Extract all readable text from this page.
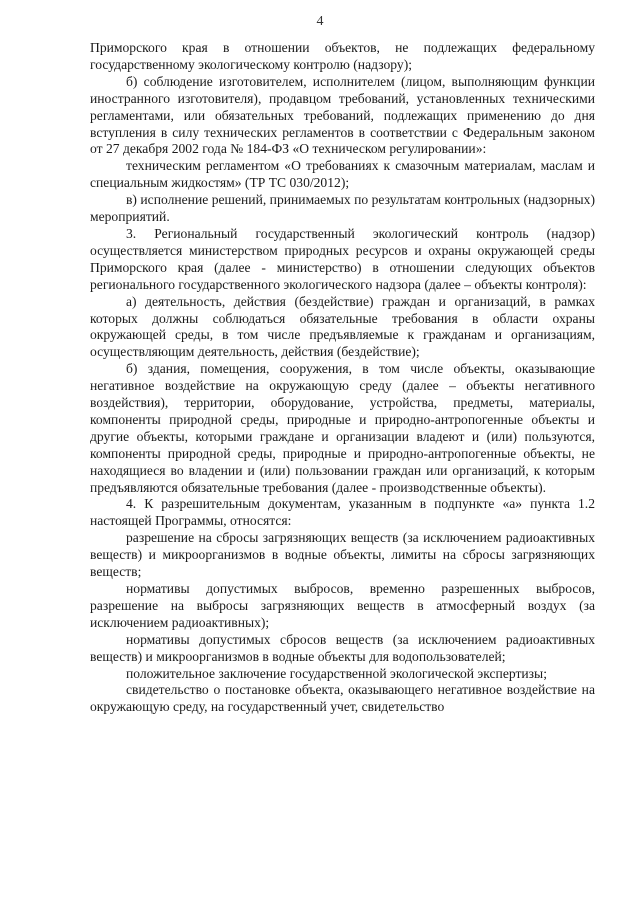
4

Приморского края в отношении объектов, не подлежащих федеральному государственному экологическому контролю (надзору);

б) соблюдение изготовителем, исполнителем (лицом, выполняющим функции иностранного изготовителя), продавцом требований, установленных техническими регламентами, или обязательных требований, подлежащих применению до дня вступления в силу технических регламентов в соответствии с Федеральным законом от 27 декабря 2002 года № 184-ФЗ «О техническом регулировании»:

техническим регламентом «О требованиях к смазочным материалам, маслам и специальным жидкостям» (ТР ТС 030/2012);

в) исполнение решений, принимаемых по результатам контрольных (надзорных) мероприятий.

3. Региональный государственный экологический контроль (надзор) осуществляется министерством природных ресурсов и охраны окружающей среды Приморского края (далее - министерство) в отношении следующих объектов регионального государственного экологического надзора (далее – объекты контроля):

а) деятельность, действия (бездействие) граждан и организаций, в рамках которых должны соблюдаться обязательные требования в области охраны окружающей среды, в том числе предъявляемые к гражданам и организациям, осуществляющим деятельность, действия (бездействие);

б) здания, помещения, сооружения, в том числе объекты, оказывающие негативное воздействие на окружающую среду (далее – объекты негативного воздействия), территории, оборудование, устройства, предметы, материалы, компоненты природной среды, природные и природно-антропогенные объекты и другие объекты, которыми граждане и организации владеют и (или) пользуются, компоненты природной среды, природные и природно-антропогенные объекты, не находящиеся во владении и (или) пользовании граждан или организаций, к которым предъявляются обязательные требования (далее - производственные объекты).

4. К разрешительным документам, указанным в подпункте «а» пункта 1.2 настоящей Программы, относятся:

разрешение на сбросы загрязняющих веществ (за исключением радиоактивных веществ) и микроорганизмов в водные объекты, лимиты на сбросы загрязняющих веществ;

нормативы допустимых выбросов, временно разрешенных выбросов, разрешение на выбросы загрязняющих веществ в атмосферный воздух (за исключением радиоактивных);

нормативы допустимых сбросов веществ (за исключением радиоактивных веществ) и микроорганизмов в водные объекты для водопользователей;

положительное заключение государственной экологической экспертизы;

свидетельство о постановке объекта, оказывающего негативное воздействие на окружающую среду, на государственный учет, свидетельство
